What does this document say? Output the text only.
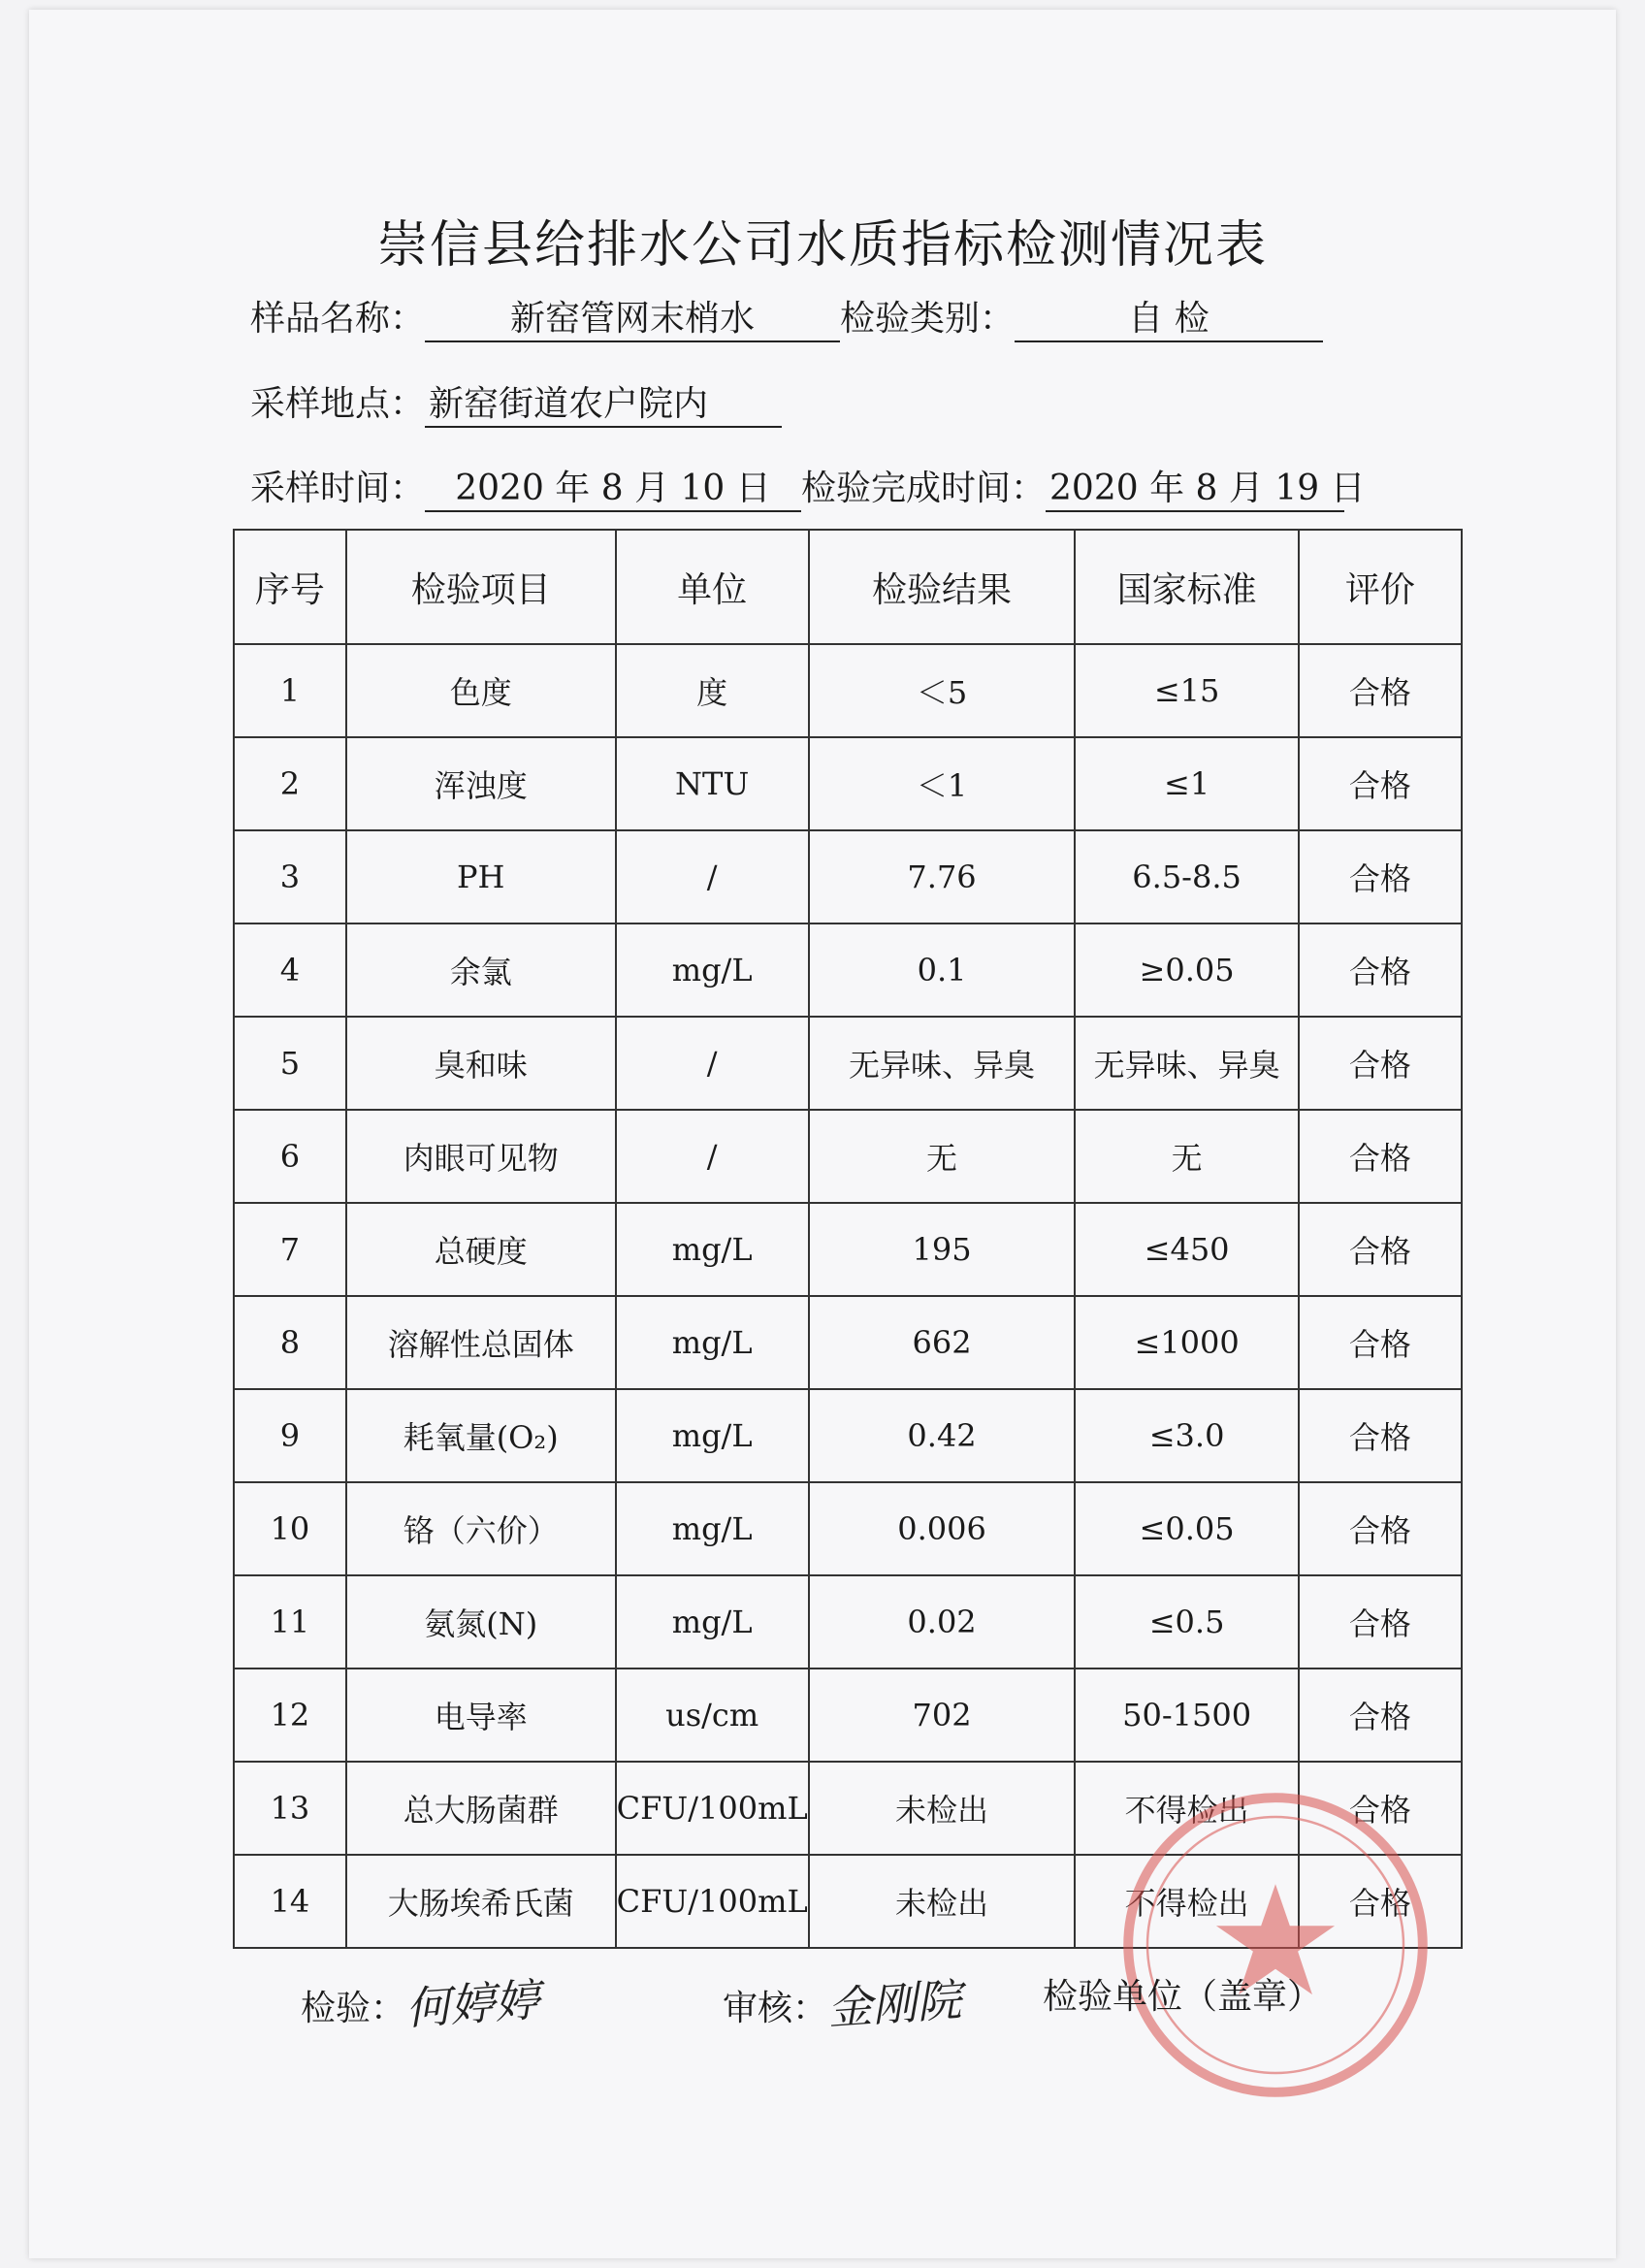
崇信县给排水公司水质指标检测情况表
样品名称： 新窑管网末梢水 检验类别：	自 检
采样地点： 新窑街道农户院内
采样时间： 2020 年 8 月 10 日 检验完成时间： 2020 年 8 月 19 日
序号	检验项目	单位	检验结果	国家标准	评价
1	色度	度	＜5	≤15	合格
2	浑浊度	NTU	＜1	≤1	合格
3	PH	/	7.76	6.5-8.5	合格
4	余氯	mg/L	0.1	≥0.05	合格
5	臭和味	/	无异味、异臭	无异味、异臭	合格
6	肉眼可见物	/	无	无	合格
7	总硬度	mg/L	195	≤450	合格
8	溶解性总固体	mg/L	662	≤1000	合格
9	耗氧量(O₂)	mg/L	0.42	≤3.0	合格
10	铬（六价）	mg/L	0.006	≤0.05	合格
11	氨氮(N)	mg/L	0.02	≤0.5	合格
12	电导率	us/cm	702	50-1500	合格
13	总大肠菌群	CFU/100mL	未检出	不得检出	合格
14	大肠埃希氏菌	CFU/100mL	未检出	不得检出	合格
检验：何婷婷	审核：金刚院 检验单位（盖章）
